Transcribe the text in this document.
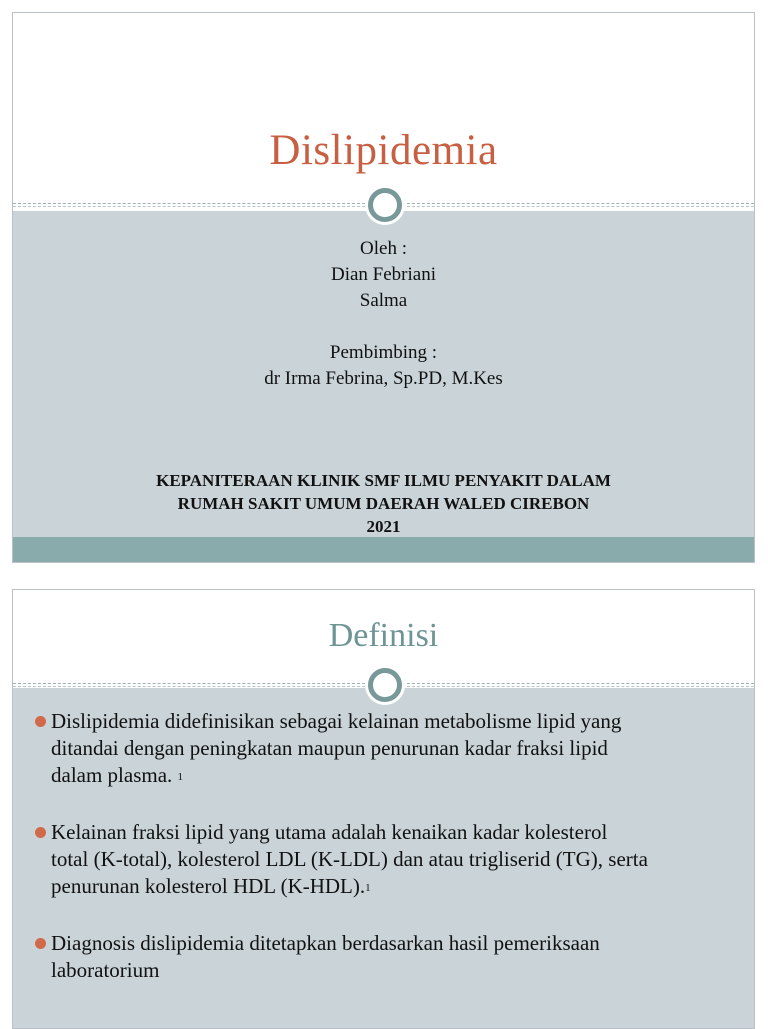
Dislipidemia
Oleh :
Dian Febriani
Salma
Pembimbing :
dr Irma Febrina, Sp.PD, M.Kes
KEPANITERAAN KLINIK SMF ILMU PENYAKIT DALAM
RUMAH SAKIT UMUM DAERAH WALED CIREBON
2021
Definisi
Dislipidemia didefinisikan sebagai kelainan metabolisme lipid yang
ditandai dengan peningkatan maupun penurunan kadar fraksi lipid
dalam plasma. $^1$
Kelainan fraksi lipid yang utama adalah kenaikan kadar kolesterol
total (K-total), kolesterol LDL (K-LDL) dan atau trigliserid (TG), serta
penurunan kolesterol HDL (K-HDL).$^1$
Diagnosis dislipidemia ditetapkan berdasarkan hasil pemeriksaan
laboratorium
